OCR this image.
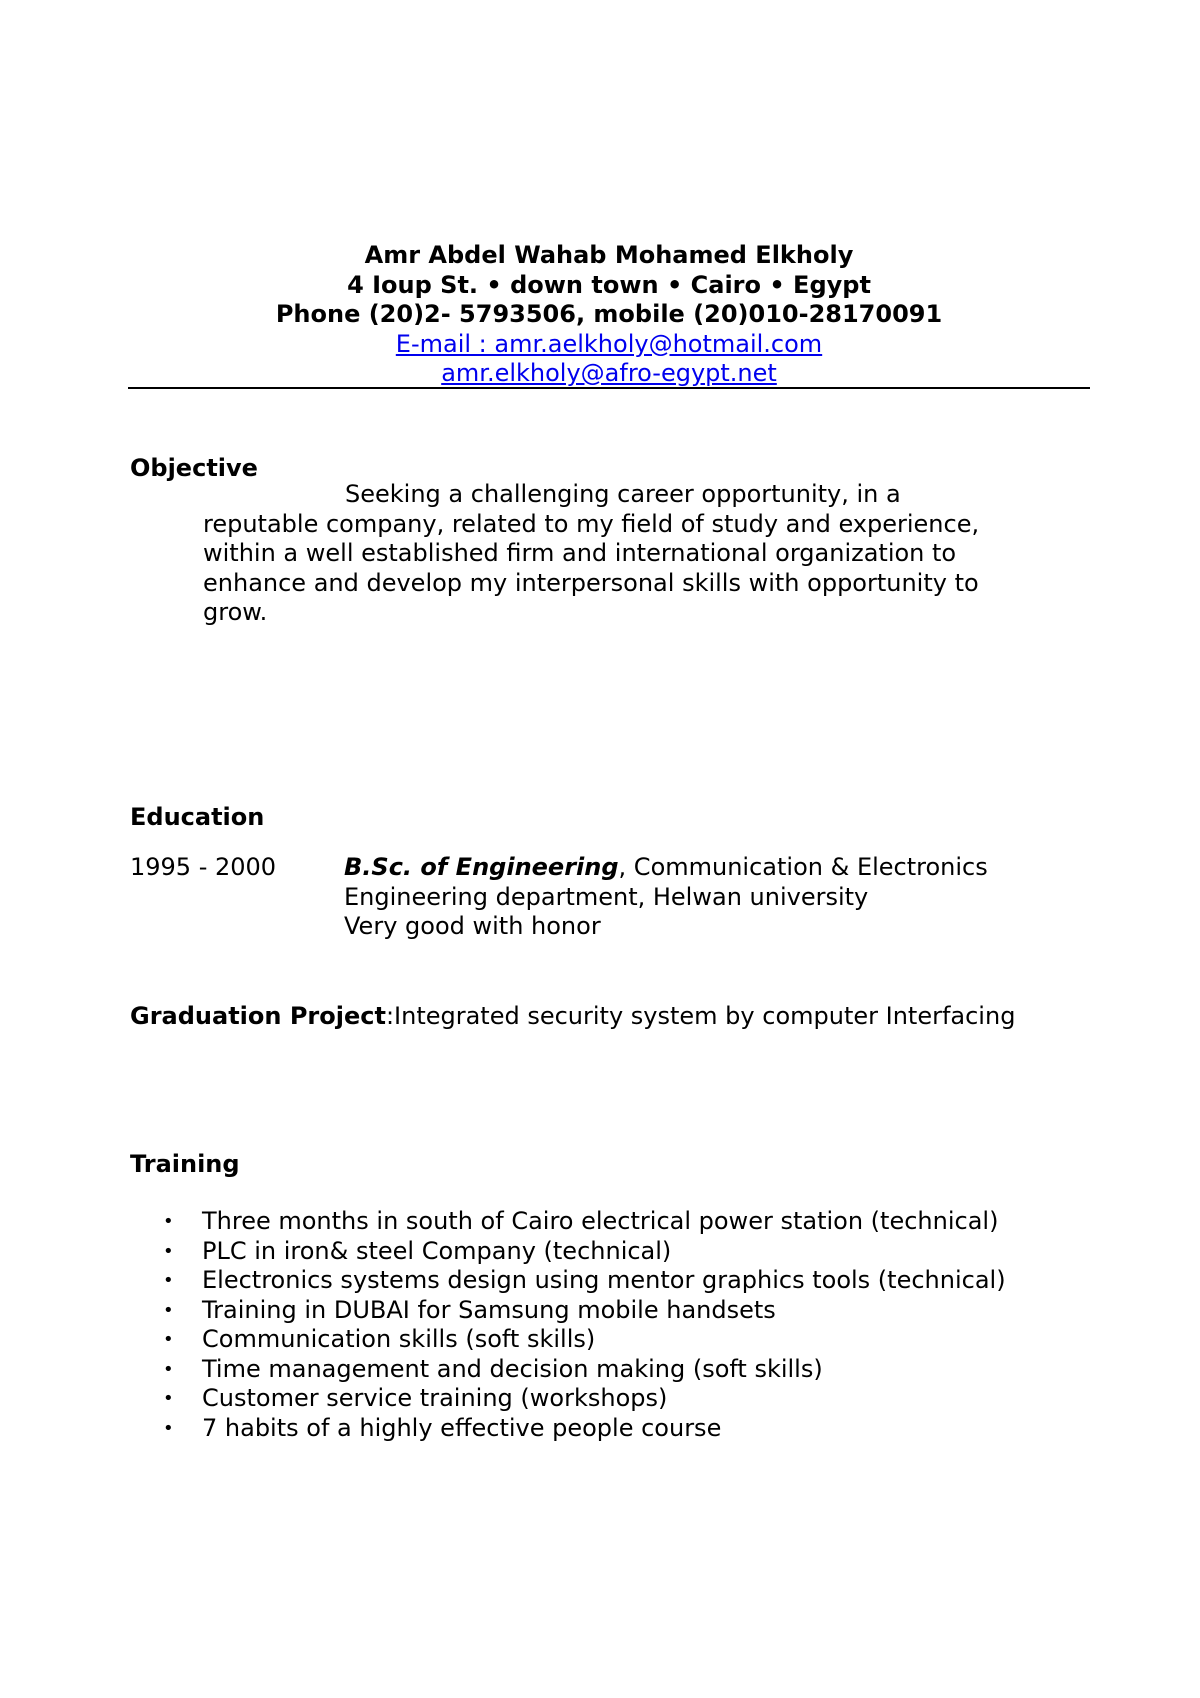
Amr Abdel Wahab Mohamed Elkholy
4 Ioup St. • down town • Cairo • Egypt
Phone (20)2- 5793506, mobile (20)010-28170091
E-mail : amr.aelkholy@hotmail.com
amr.elkholy@afro-egypt.net
Objective
Seeking a challenging career opportunity, in a
reputable company, related to my field of study and experience,
within a well established firm and international organization to
enhance and develop my interpersonal skills with opportunity to
grow.
Education
1995 - 2000	B.Sc. of Engineering, Communication & Electronics
Engineering department, Helwan university
Very good with honor
Graduation Project:Integrated security system by computer Interfacing
Training
• Three months in south of Cairo electrical power station (technical)
• PLC in iron& steel Company (technical)
• Electronics systems design using mentor graphics tools (technical)
• Training in DUBAI for Samsung mobile handsets
• Communication skills (soft skills)
• Time management and decision making (soft skills)
• Customer service training (workshops)
• 7 habits of a highly effective people course
